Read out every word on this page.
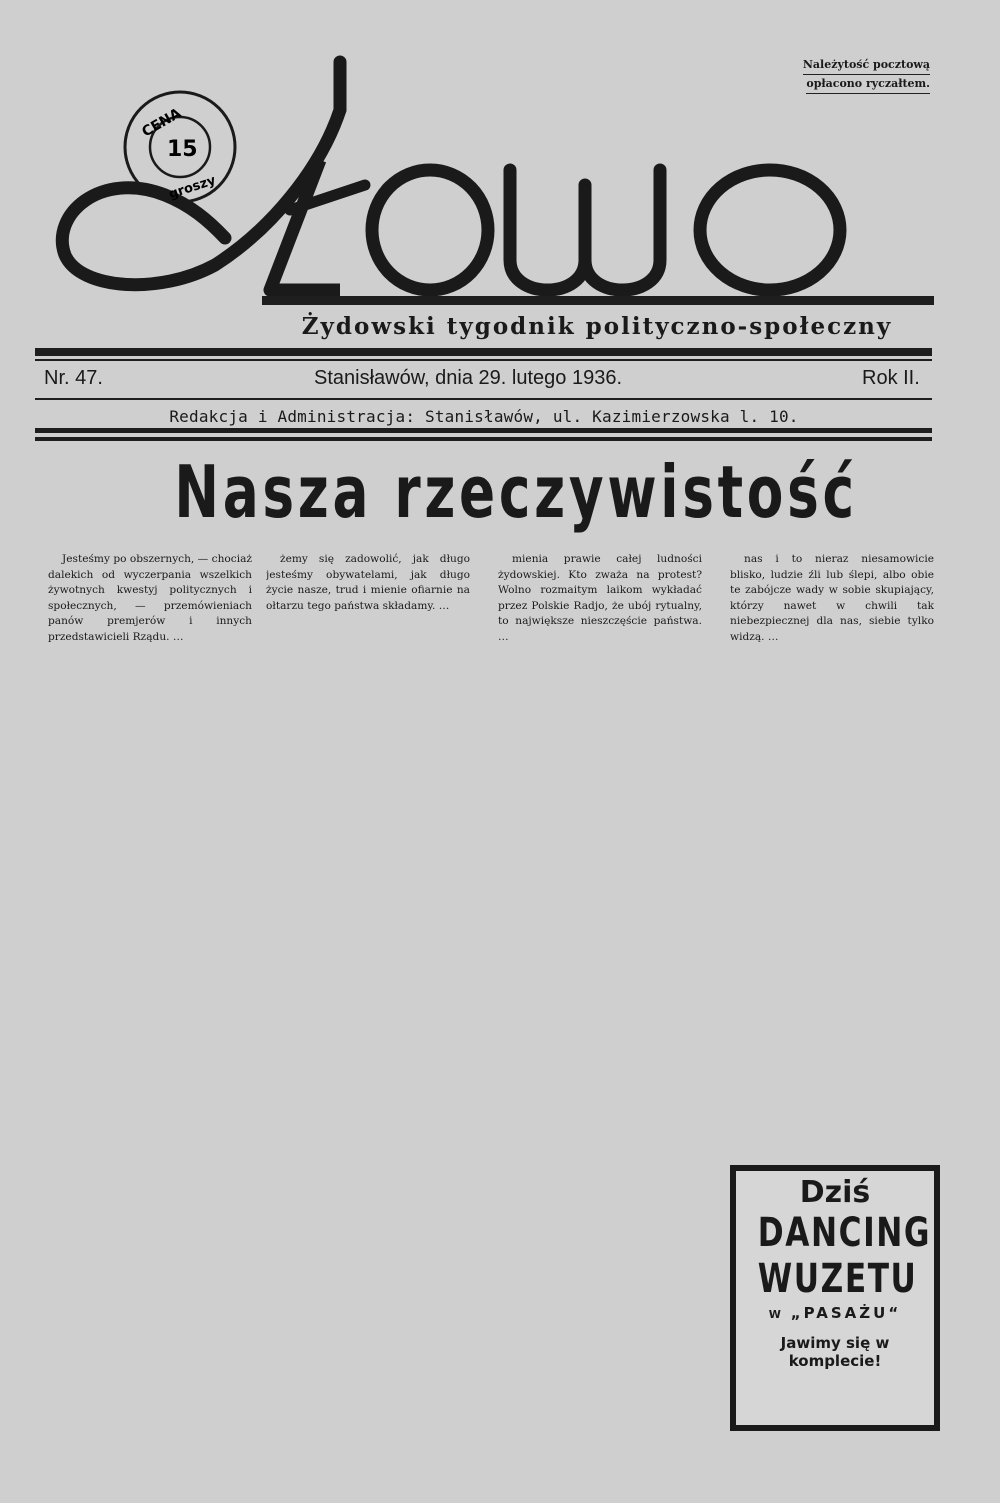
Należytość pocztową
opłacono ryczałtem.
CENA
15
groszy
Żydowski tygodnik polityczno-społeczny
Nr. 47.	Stanisławów, dnia 29. lutego 1936.	Rok II.
Redakcja i Administracja: Stanisławów, ul. Kazimierzowska l. 10.
Nasza rzeczywistość

Jesteśmy po obszernych, — chociaż dalekich od wyczerpania wszelkich żywotnych kwestyj politycznych i społecznych, — przemówieniach panów premjerów i innych przedstawicieli Rządu. …

żemy się zadowolić, jak długo jesteśmy obywatelami, jak długo życie nasze, trud i mienie ofiarnie na ołtarzu tego państwa składamy. …

mienia prawie całej ludności żydowskiej. Kto zważa na protest? Wolno rozmaitym laikom wykładać przez Polskie Radjo, że ubój rytualny, to największe nieszczęście państwa. …

nas i to nieraz niesamowicie blisko, ludzie źli lub ślepi, albo obie te zabójcze wady w sobie skupiający, którzy nawet w chwili tak niebezpiecznej dla nas, siebie tylko widzą. …

Dziś
DANCING
WUZETU
W „PASAŻU“
Jawimy się w komplecie!
